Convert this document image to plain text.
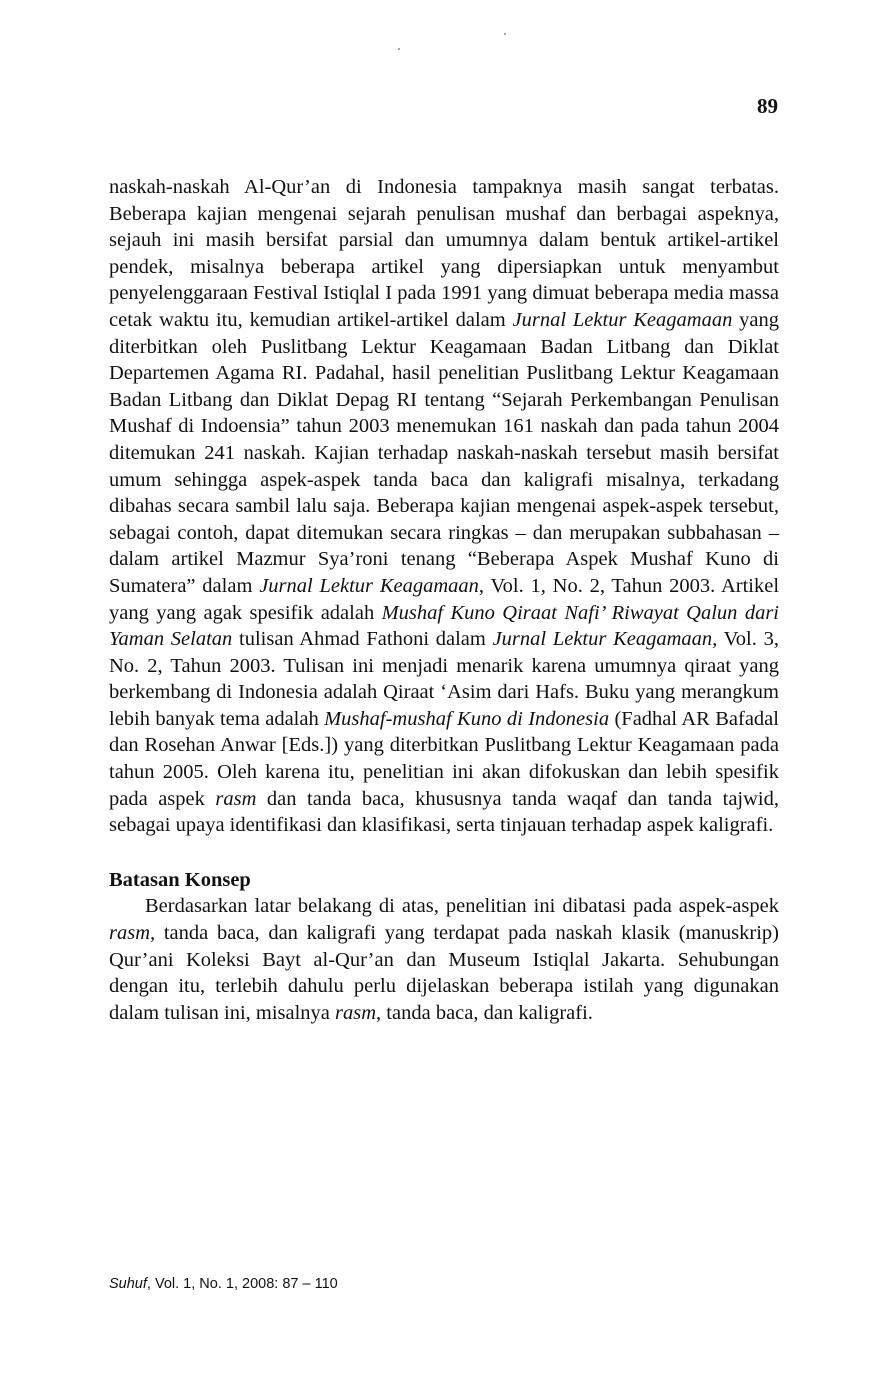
89

naskah-naskah Al-Qur’an di Indonesia tampaknya masih sangat terbatas. Beberapa kajian mengenai sejarah penulisan mushaf dan berbagai aspeknya, sejauh ini masih bersifat parsial dan umumnya dalam bentuk artikel-artikel pendek, misalnya beberapa artikel yang dipersiapkan untuk menyambut penyelenggaraan Festival Istiqlal I pada 1991 yang dimuat beberapa media massa cetak waktu itu, kemudian artikel-artikel dalam Jurnal Lektur Keagamaan yang diterbitkan oleh Puslitbang Lektur Keagamaan Badan Litbang dan Diklat Departemen Agama RI. Padahal, hasil penelitian Puslitbang Lektur Keagamaan Badan Litbang dan Diklat Depag RI tentang “Sejarah Perkembangan Penulisan Mushaf di Indoensia” tahun 2003 menemukan 161 naskah dan pada tahun 2004 ditemukan 241 naskah. Kajian terhadap naskah-naskah tersebut masih bersifat umum sehingga aspek-aspek tanda baca dan kaligrafi misalnya, terkadang dibahas secara sambil lalu saja. Beberapa kajian mengenai aspek-aspek tersebut, sebagai contoh, dapat ditemukan secara ringkas – dan merupakan subbahasan – dalam artikel Mazmur Sya’roni tenang “Beberapa Aspek Mushaf Kuno di Sumatera” dalam Jurnal Lektur Keagamaan, Vol. 1, No. 2, Tahun 2003. Artikel yang yang agak spesifik adalah Mushaf Kuno Qiraat Nafi’ Riwayat Qalun dari Yaman Selatan tulisan Ahmad Fathoni dalam Jurnal Lektur Keagamaan, Vol. 3, No. 2, Tahun 2003. Tulisan ini menjadi menarik karena umumnya qiraat yang berkembang di Indonesia adalah Qiraat ‘Asim dari Hafs. Buku yang merangkum lebih banyak tema adalah Mushaf-mushaf Kuno di Indonesia (Fadhal AR Bafadal dan Rosehan Anwar [Eds.]) yang diterbitkan Puslitbang Lektur Keagamaan pada tahun 2005. Oleh karena itu, penelitian ini akan difokuskan dan lebih spesifik pada aspek rasm dan tanda baca, khususnya tanda waqaf dan tanda tajwid, sebagai upaya identifikasi dan klasifikasi, serta tinjauan terhadap aspek kaligrafi.

Batasan Konsep

Berdasarkan latar belakang di atas, penelitian ini dibatasi pada aspek-aspek rasm, tanda baca, dan kaligrafi yang terdapat pada naskah klasik (manuskrip) Qur’ani Koleksi Bayt al-Qur’an dan Museum Istiqlal Jakarta. Sehubungan dengan itu, terlebih dahulu perlu dijelaskan beberapa istilah yang digunakan dalam tulisan ini, misalnya rasm, tanda baca, dan kaligrafi.

Suhuf, Vol. 1, No. 1, 2008: 87 – 110
